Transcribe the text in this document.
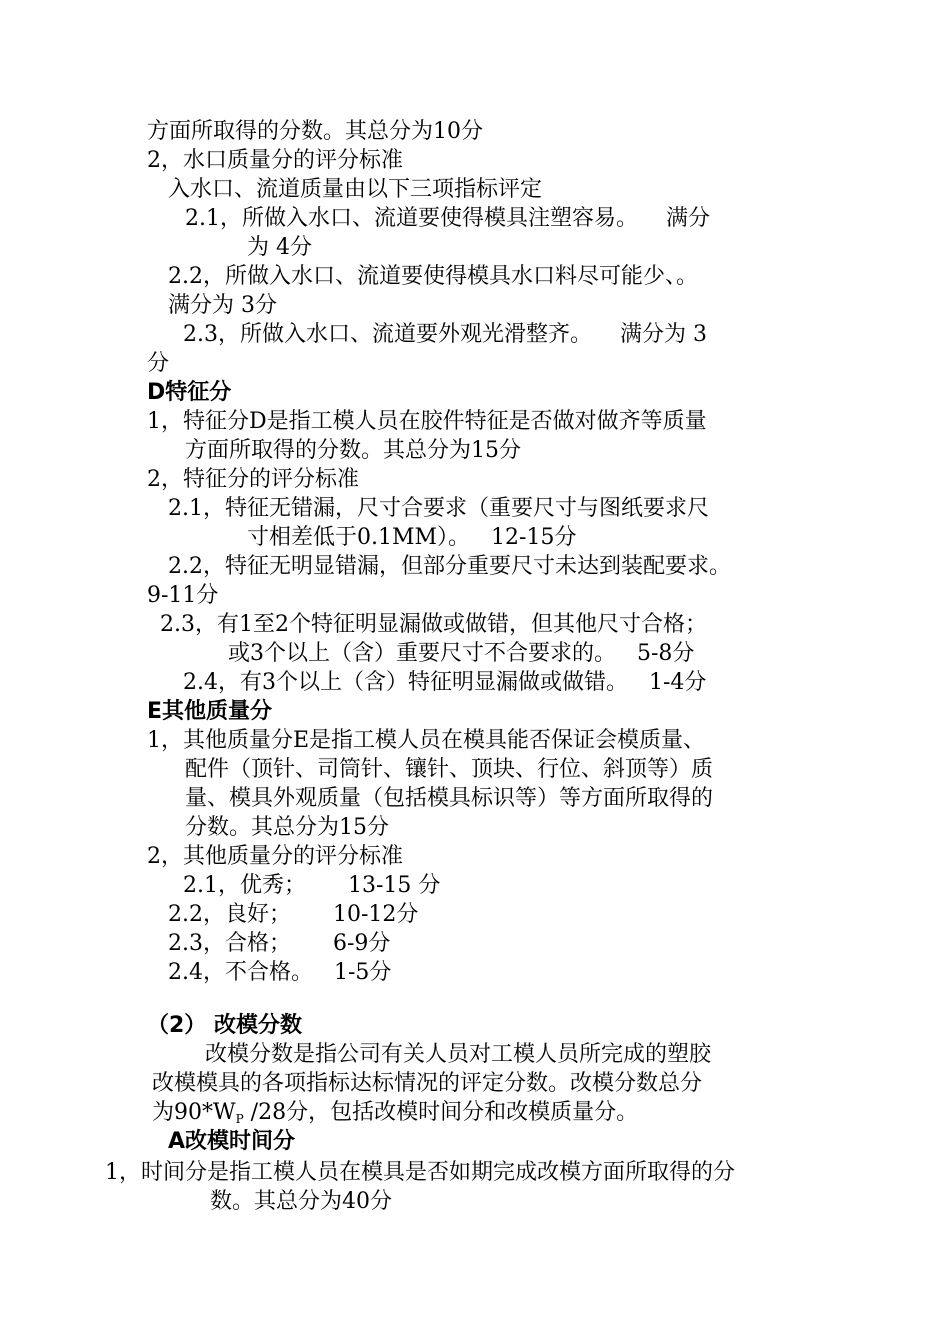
方面所取得的分数。其总分为10分

2，水口质量分的评分标准

入水口、流道质量由以下三项指标评定

2.1，所做入水口、流道要使得模具注塑容易。    满分

为 4分

2.2，所做入水口、流道要使得模具水口料尽可能少、。

满分为 3分

2.3，所做入水口、流道要外观光滑整齐。    满分为 3

分

D特征分

1，特征分D是指工模人员在胶件特征是否做对做齐等质量

方面所取得的分数。其总分为15分

2，特征分的评分标准

2.1，特征无错漏，尺寸合要求（重要尺寸与图纸要求尺

寸相差低于0.1MM）。   12-15分

2.2，特征无明显错漏，但部分重要尺寸未达到装配要求。

9-11分

2.3，有1至2个特征明显漏做或做错，但其他尺寸合格；

或3个以上（含）重要尺寸不合要求的。   5-8分

2.4，有3个以上（含）特征明显漏做或做错。   1-4分

E其他质量分

1，其他质量分E是指工模人员在模具能否保证会模质量、

配件（顶针、司筒针、镶针、顶块、行位、斜顶等）质

量、模具外观质量（包括模具标识等）等方面所取得的

分数。其总分为15分

2，其他质量分的评分标准

2.1，优秀；      13-15 分

2.2，良好；      10-12分

2.3，合格；      6-9分

2.4，不合格。   1-5分

（2） 改模分数

改模分数是指公司有关人员对工模人员所完成的塑胶

改模模具的各项指标达标情况的评定分数。改模分数总分

为$90*W_P$ /28分，包括改模时间分和改模质量分。

A改模时间分

1，时间分是指工模人员在模具是否如期完成改模方面所取得的分

数。其总分为40分
